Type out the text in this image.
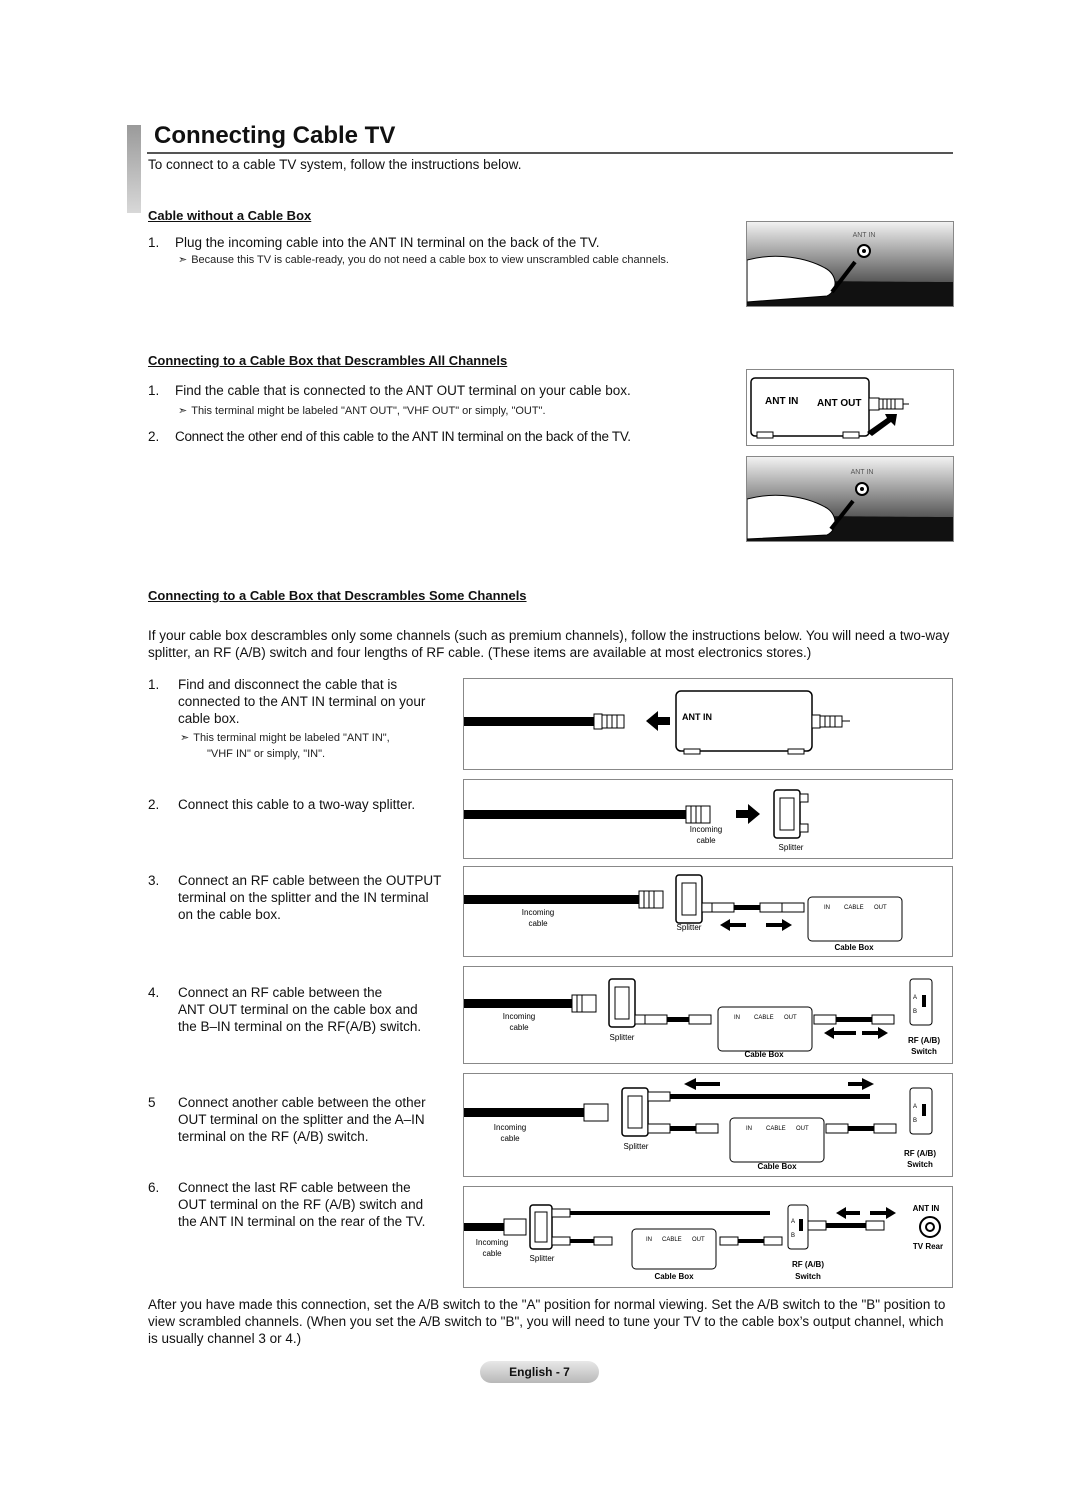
Connecting Cable TV
To connect to a cable TV system, follow the instructions below.
Cable without a Cable Box
1. Plug the incoming cable into the ANT IN terminal on the back of the TV.
➣ Because this TV is cable-ready, you do not need a cable box to view unscrambled cable channels.
ANT IN
Connecting to a Cable Box that Descrambles All Channels
1. Find the cable that is connected to the ANT OUT terminal on your cable box.
➣ This terminal might be labeled "ANT OUT", "VHF OUT" or simply, "OUT".
2. Connect the other end of this cable to the ANT IN terminal on the back of the TV.
ANT IN ANT OUT
ANT IN
Connecting to a Cable Box that Descrambles Some Channels
If your cable box descrambles only some channels (such as premium channels), follow the instructions below. You will need a two-way splitter, an RF (A/B) switch and four lengths of RF cable. (These items are available at most electronics stores.)
1. Find and disconnect the cable that is
connected to the ANT IN terminal on your
cable box.
➣ This terminal might be labeled "ANT IN",
"VHF IN" or simply, "IN".
2. Connect this cable to a two-way splitter.
3. Connect an RF cable between the OUTPUT
terminal on the splitter and the IN terminal
on the cable box.
4. Connect an RF cable between the
ANT OUT terminal on the cable box and
the B–IN terminal on the RF(A/B) switch.
5 Connect another cable between the other
OUT terminal on the splitter and the A–IN
terminal on the RF (A/B) switch.
6. Connect the last RF cable between the
OUT terminal on the RF (A/B) switch and
the ANT IN terminal on the rear of the TV.
ANT IN
Incoming
cable
Splitter
IN CABLE OUT
Incoming
cable	Splitter
Cable Box
IN CABLE OUT
A
B
Incoming
cable
Splitter
Cable Box
RF (A/B)
Switch
IN CABLE OUT
A
B
Incoming
cable
Splitter
Cable Box
RF (A/B)
Switch
IN CABLE OUT
A
B
ANT IN
TV Rear
Incoming
cable
Splitter
Cable Box
RF (A/B)
Switch
After you have made this connection, set the A/B switch to the "A" position for normal viewing. Set the A/B switch to the "B" position to view scrambled channels. (When you set the A/B switch to "B", you will need to tune your TV to the cable box’s output channel, which is usually channel 3 or 4.)
English - 7
